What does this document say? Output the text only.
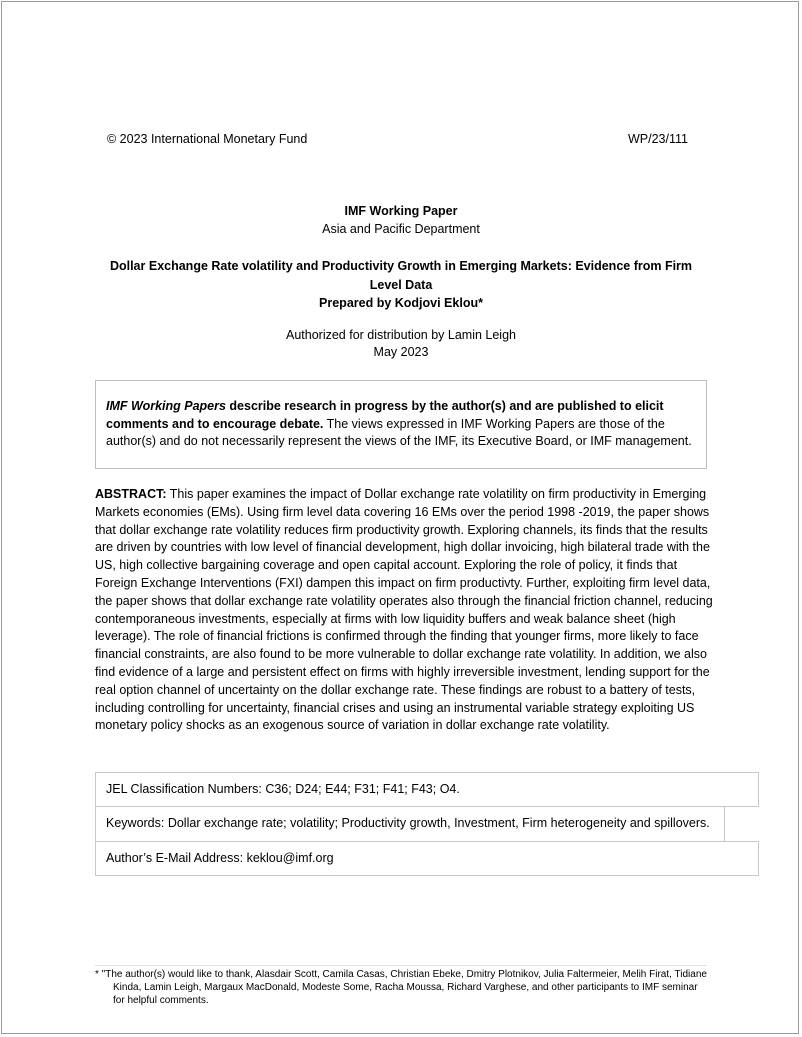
© 2023 International Monetary Fund	WP/23/111
IMF Working Paper
Asia and Pacific Department
Dollar Exchange Rate volatility and Productivity Growth in Emerging Markets: Evidence from Firm
Level Data
Prepared by Kodjovi Eklou*
Authorized for distribution by Lamin Leigh
May 2023
IMF Working Papers describe research in progress by the author(s) and are published to elicit comments and to encourage debate. The views expressed in IMF Working Papers are those of the author(s) and do not necessarily represent the views of the IMF, its Executive Board, or IMF management.
ABSTRACT: This paper examines the impact of Dollar exchange rate volatility on firm productivity in Emerging Markets economies (EMs). Using firm level data covering 16 EMs over the period 1998 -2019, the paper shows that dollar exchange rate volatility reduces firm productivity growth. Exploring channels, its finds that the results are driven by countries with low level of financial development, high dollar invoicing, high bilateral trade with the US, high collective bargaining coverage and open capital account. Exploring the role of policy, it finds that Foreign Exchange Interventions (FXI) dampen this impact on firm productivty. Further, exploiting firm level data, the paper shows that dollar exchange rate volatility operates also through the financial friction channel, reducing contemporaneous investments, especially at firms with low liquidity buffers and weak balance sheet (high leverage). The role of financial frictions is confirmed through the finding that younger firms, more likely to face financial constraints, are also found to be more vulnerable to dollar exchange rate volatility. In addition, we also find evidence of a large and persistent effect on firms with highly irreversible investment, lending support for the real option channel of uncertainty on the dollar exchange rate. These findings are robust to a battery of tests, including controlling for uncertainty, financial crises and using an instrumental variable strategy exploiting US monetary policy shocks as an exogenous source of variation in dollar exchange rate volatility.
JEL Classification Numbers: C36; D24; E44; F31; F41; F43; O4.
Keywords: Dollar exchange rate; volatility; Productivity growth, Investment, Firm heterogeneity and spillovers.
Author’s E-Mail Address: keklou@imf.org
* "The author(s) would like to thank, Alasdair Scott, Camila Casas, Christian Ebeke, Dmitry Plotnikov, Julia Faltermeier, Melih Firat, Tidiane Kinda, Lamin Leigh, Margaux MacDonald, Modeste Some, Racha Moussa, Richard Varghese, and other participants to IMF seminar for helpful comments.
